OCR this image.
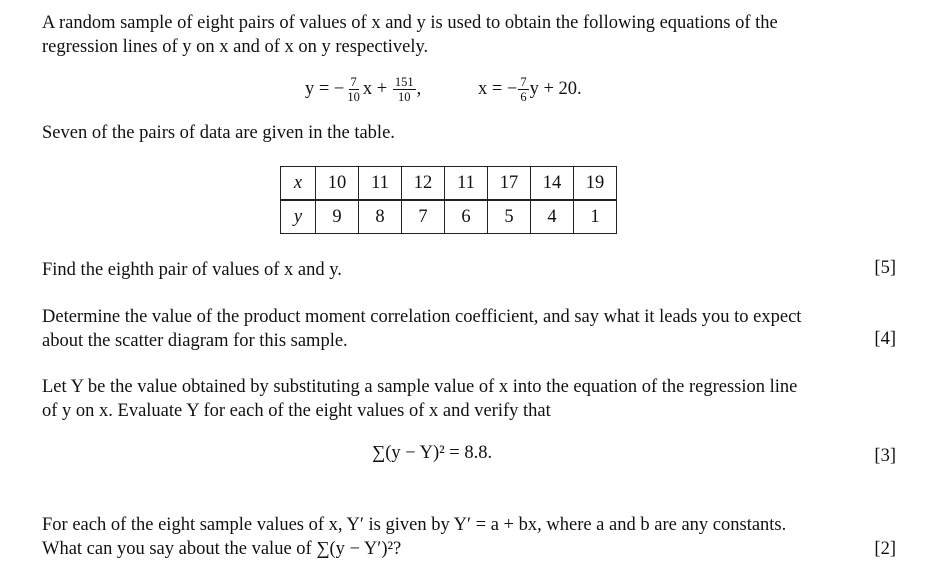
A random sample of eight pairs of values of x and y is used to obtain the following equations of the
regression lines of y on x and of x on y respectively.
y = − $\frac{7}{10}$ $x + \frac{151}{10}$ ,	x = − $\frac{7}{6}$ y + 20.
Seven of the pairs of data are given in the table.
x	10	11	12	11	17	14	19
y	9	8	7	6	5	4	1
Find the eighth pair of values of x and y.	[5]
Determine the value of the product moment correlation coefficient, and say what it leads you to expect
about the scatter diagram for this sample.	[4]
Let Y be the value obtained by substituting a sample value of x into the equation of the regression line
of y on x. Evaluate Y for each of the eight values of x and verify that
∑(y − Y)² = 8.8.	[3]
For each of the eight sample values of x, Y′ is given by Y′ = a + bx, where a and b are any constants.
What can you say about the value of ∑(y − Y′)²?	[2]
